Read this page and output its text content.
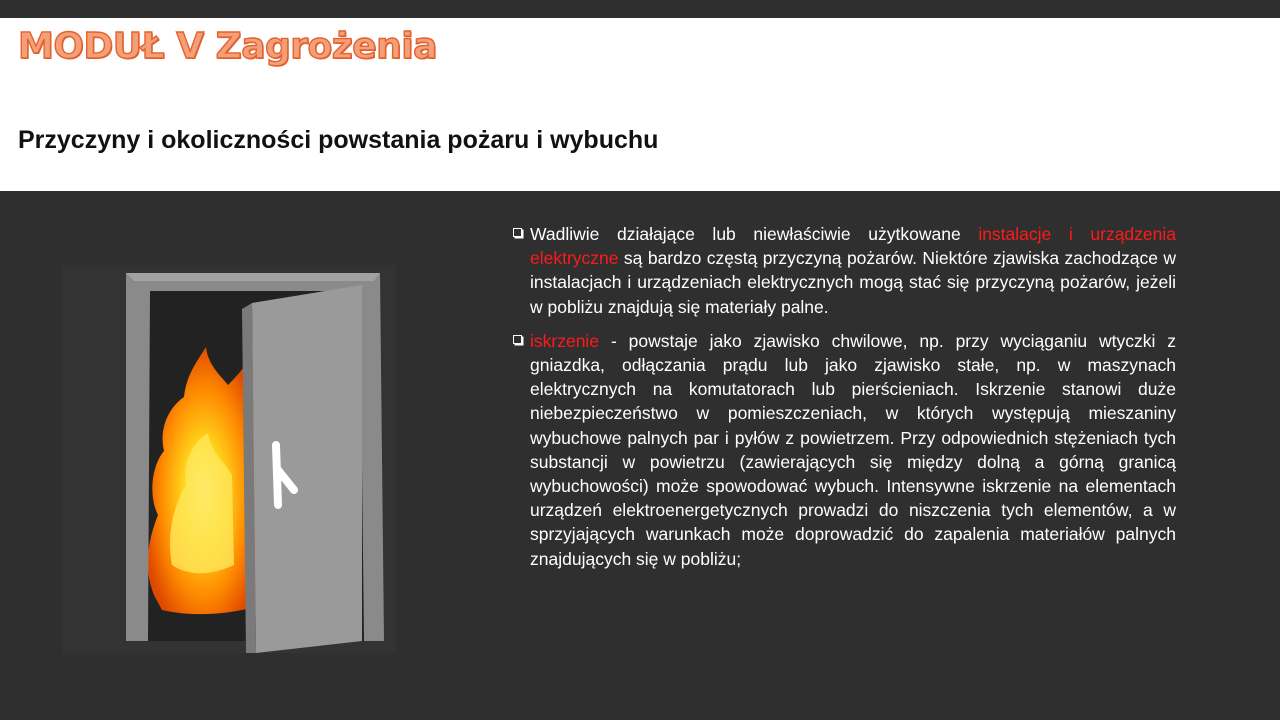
MODUŁ V Zagrożenia
Przyczyny i okoliczności powstania pożaru i wybuchu

Wadliwie działające lub niewłaściwie użytkowane instalacje i urządzenia elektryczne są bardzo częstą przyczyną pożarów. Niektóre zjawiska zachodzące w instalacjach i urządzeniach elektrycznych mogą stać się przyczyną pożarów, jeżeli w pobliżu znajdują się materiały palne.

iskrzenie - powstaje jako zjawisko chwilowe, np. przy wyciąganiu wtyczki z gniazdka, odłączania prądu lub jako zjawisko stałe, np. w maszynach elektrycznych na komutatorach lub pierścieniach. Iskrzenie stanowi duże niebezpieczeństwo w pomieszczeniach, w których występują mieszaniny wybuchowe palnych par i pyłów z powietrzem. Przy odpowiednich stężeniach tych substancji w powietrzu (zawierających się między dolną a górną granicą wybuchowości) może spowodować wybuch. Intensywne iskrzenie na elementach urządzeń elektroenergetycznych prowadzi do niszczenia tych elementów, a w sprzyjających warunkach może doprowadzić do zapalenia materiałów palnych znajdujących się w pobliżu;
